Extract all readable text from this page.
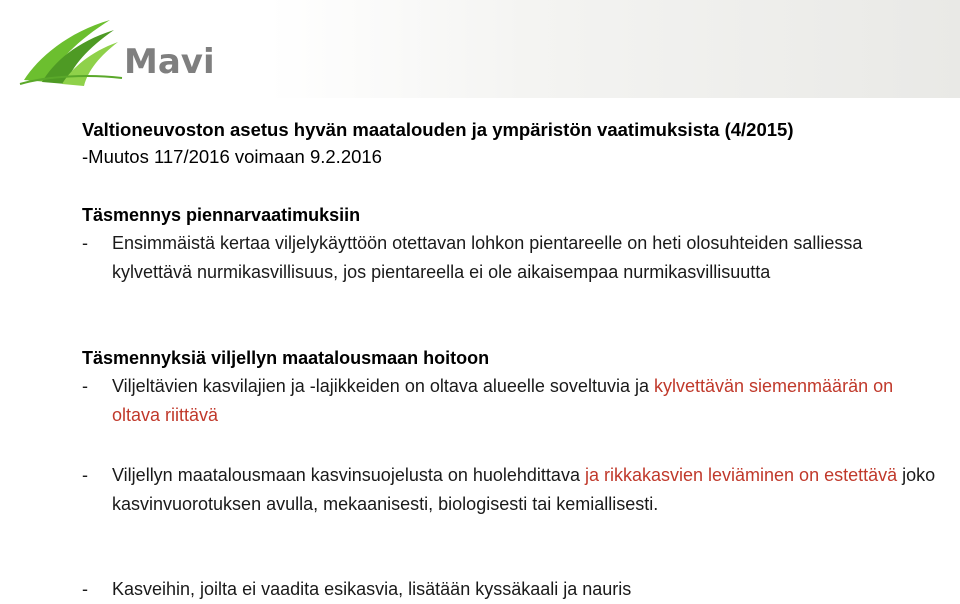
Mavi
Valtioneuvoston asetus hyvän maatalouden ja ympäristön vaatimuksista (4/2015)
-Muutos 117/2016 voimaan 9.2.2016
Täsmennys piennarvaatimuksiin
-	Ensimmäistä kertaa viljelykäyttöön otettavan lohkon pientareelle on heti olosuhteiden salliessa kylvettävä nurmikasvillisuus, jos pientareella ei ole aikaisempaa nurmikasvillisuutta
Täsmennyksiä viljellyn maatalousmaan hoitoon
-	Viljeltävien kasvilajien ja -lajikkeiden on oltava alueelle soveltuvia ja kylvettävän siemenmäärän on oltava riittävä
-	Viljellyn maatalousmaan kasvinsuojelusta on huolehdittava ja rikkakasvien leviäminen on estettävä joko kasvinvuorotuksen avulla, mekaanisesti, biologisesti tai kemiallisesti.
-	Kasveihin, joilta ei vaadita esikasvia, lisätään kyssäkaali ja nauris
